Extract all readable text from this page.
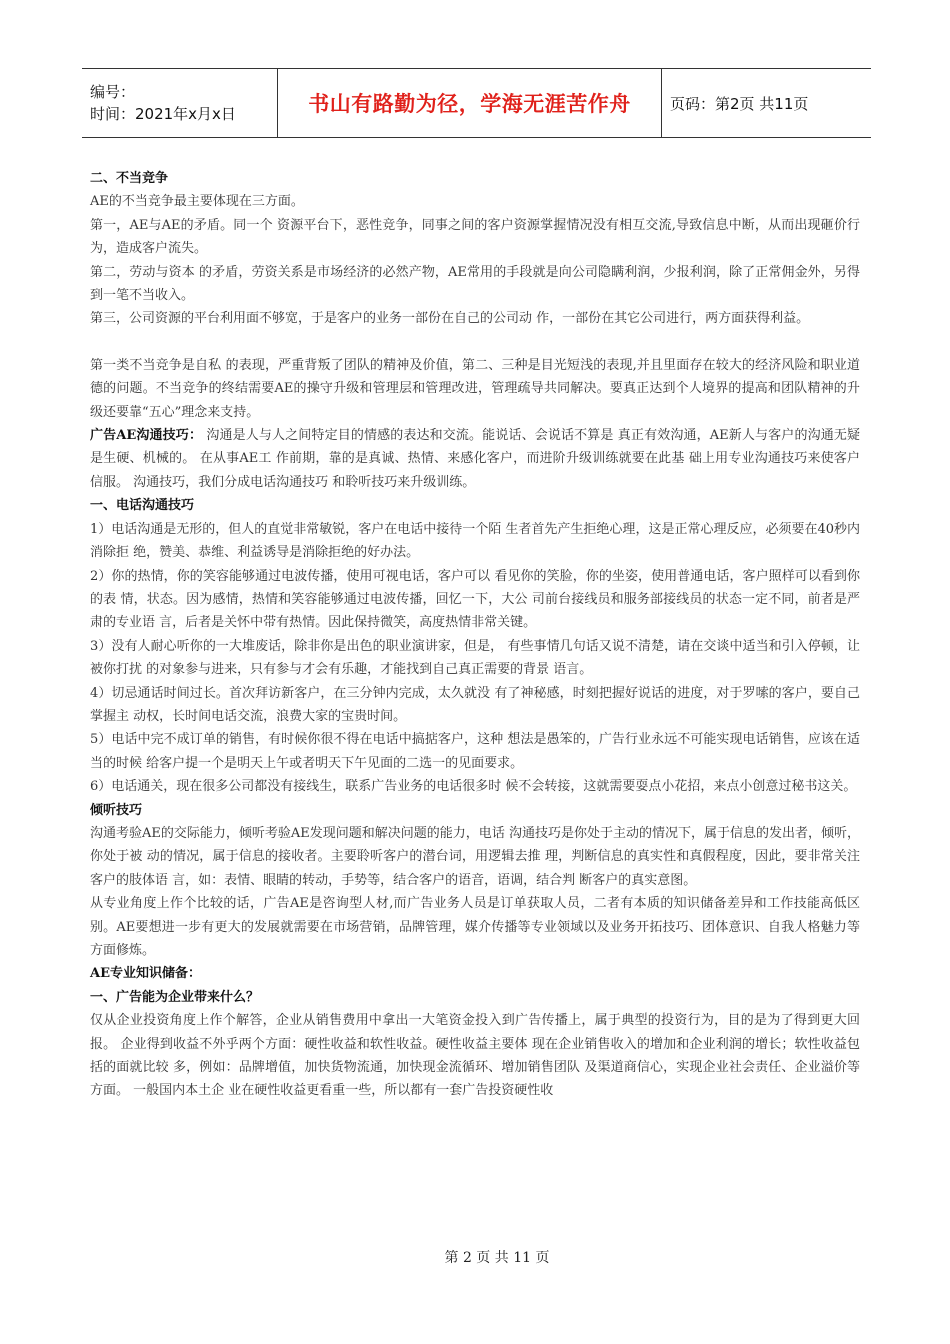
编号：
时间：2021年x月x日	书山有路勤为径，学海无涯苦作舟	页码：第2页 共11页

二、不当竞争

AE的不当竞争最主要体现在三方面。

第一，AE与AE的矛盾。同一个 资源平台下，恶性竞争，同事之间的客户资源掌握情况没有相互交流,导致信息中断，从而出现砸价行为，造成客户流失。

第二，劳动与资本 的矛盾，劳资关系是市场经济的必然产物，AE常用的手段就是向公司隐瞒利润，少报利润，除了正常佣金外，另得到一笔不当收入。

第三，公司资源的平台利用面不够宽，于是客户的业务一部份在自己的公司动 作，一部份在其它公司进行，两方面获得利益。

第一类不当竞争是自私 的表现，严重背叛了团队的精神及价值，第二、三种是目光短浅的表现,并且里面存在较大的经济风险和职业道德的问题。不当竞争的终结需要AE的操守升级和管理层和管理改进，管理疏导共同解决。要真正达到个人境界的提高和团队精神的升级还要靠“五心”理念来支持。

广告AE沟通技巧： 沟通是人与人之间特定目的情感的表达和交流。能说话、会说话不算是 真正有效沟通，AE新人与客户的沟通无疑是生硬、机械的。 在从事AE工 作前期，靠的是真诚、热情、来感化客户，而进阶升级训练就要在此基 础上用专业沟通技巧来使客户信服。 沟通技巧，我们分成电话沟通技巧 和聆听技巧来升级训练。

一、电话沟通技巧

1）电话沟通是无形的，但人的直觉非常敏锐，客户在电话中接待一个陌 生者首先产生拒绝心理，这是正常心理反应，必须要在40秒内消除拒 绝，赞美、恭维、利益诱导是消除拒绝的好办法。

2）你的热情，你的笑容能够通过电波传播，使用可视电话，客户可以 看见你的笑脸，你的坐姿，使用普通电话，客户照样可以看到你的表 情，状态。因为感情，热情和笑容能够通过电波传播，回忆一下，大公 司前台接线员和服务部接线员的状态一定不同，前者是严肃的专业语 言，后者是关怀中带有热情。因此保持微笑，高度热情非常关键。

3）没有人耐心听你的一大堆废话，除非你是出色的职业演讲家，但是， 有些事情几句话又说不清楚，请在交谈中适当和引入停顿，让被你打扰 的对象参与进来，只有参与才会有乐趣，才能找到自己真正需要的背景 语言。

4）切忌通话时间过长。首次拜访新客户，在三分钟内完成，太久就没 有了神秘感，时刻把握好说话的进度，对于罗嗦的客户，要自己掌握主 动权，长时间电话交流，浪费大家的宝贵时间。

5）电话中完不成订单的销售，有时候你很不得在电话中搞掂客户，这种 想法是愚笨的，广告行业永远不可能实现电话销售，应该在适当的时候 给客户提一个是明天上午或者明天下午见面的二选一的见面要求。

6）电话通关，现在很多公司都没有接线生，联系广告业务的电话很多时 候不会转接，这就需要耍点小花招，来点小创意过秘书这关。

倾听技巧

沟通考验AE的交际能力，倾听考验AE发现问题和解决问题的能力，电话 沟通技巧是你处于主动的情况下，属于信息的发出者，倾听，你处于被 动的情况，属于信息的接收者。主要聆听客户的潜台词，用逻辑去推 理，判断信息的真实性和真假程度，因此，要非常关注客户的肢体语 言，如：表情、眼睛的转动，手势等，结合客户的语音，语调，结合判 断客户的真实意图。

从专业角度上作个比较的话，广告AE是咨询型人材,而广告业务人员是订单获取人员，二者有本质的知识储备差异和工作技能高低区别。AE要想进一步有更大的发展就需要在市场营销，品牌管理，媒介传播等专业领域以及业务开拓技巧、团体意识、自我人格魅力等方面修炼。

AE专业知识储备：

一、广告能为企业带来什么？

仅从企业投资角度上作个解答，企业从销售费用中拿出一大笔资金投入到广告传播上，属于典型的投资行为，目的是为了得到更大回报。 企业得到收益不外乎两个方面：硬性收益和软性收益。硬性收益主要体 现在企业销售收入的增加和企业利润的增长；软性收益包括的面就比较 多，例如：品牌增值，加快货物流通，加快现金流循环、增加销售团队 及渠道商信心，实现企业社会责任、企业溢价等方面。 一般国内本土企 业在硬性收益更看重一些，所以都有一套广告投资硬性收

第 2 页 共 11 页
